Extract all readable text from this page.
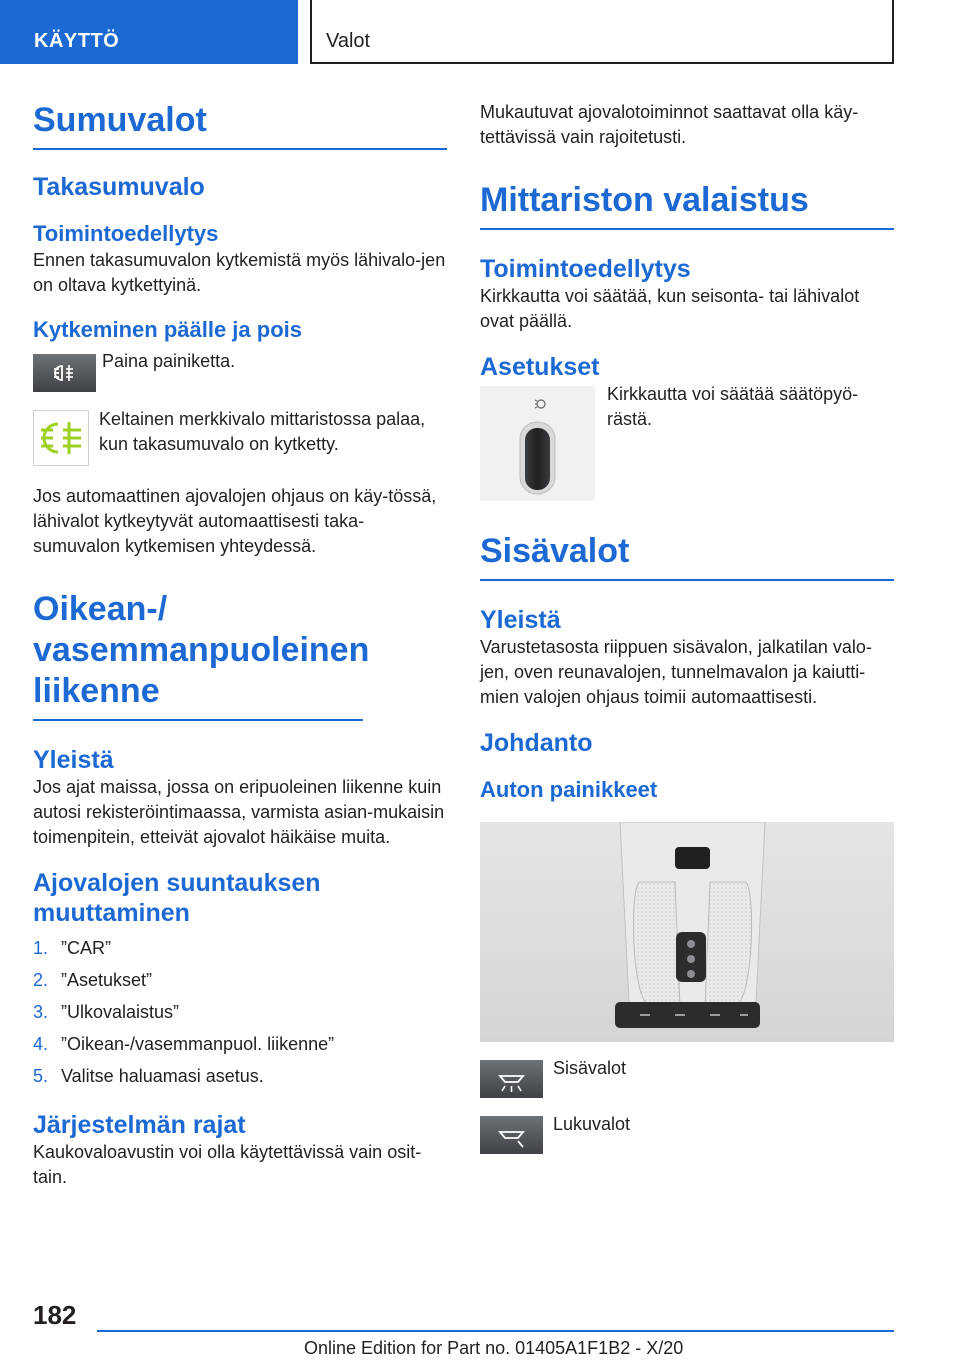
KÄYTTÖ	Valot
Sumuvalot
Takasumuvalo
Toimintoedellytys

Ennen takasumuvalon kytkemistä myös lähivalo-jen on oltava kytkettyinä.

Kytkeminen päälle ja pois

Paina painiketta.

Keltainen merkkivalo mittaristossa palaa, kun takasumuvalo on kytketty.

Jos automaattinen ajovalojen ohjaus on käy-tössä, lähivalot kytkeytyvät automaattisesti taka-sumuvalon kytkemisen yhteydessä.

Oikean-/ vasemmanpuoleinen liikenne
Yleistä

Jos ajat maissa, jossa on eripuoleinen liikenne kuin autosi rekisteröintimaassa, varmista asian-mukaisin toimenpitein, etteivät ajovalot häikäise muita.

Ajovalojen suuntauksen muuttaminen
1. ”CAR”
2. ”Asetukset”
3. ”Ulkovalaistus”
4. ”Oikean-/vasemmanpuol. liikenne”
5. Valitse haluamasi asetus.
Järjestelmän rajat

Kaukovaloavustin voi olla käytettävissä vain osit-tain.

Mukautuvat ajovalotoiminnot saattavat olla käy-tettävissä vain rajoitetusti.

Mittariston valaistus
Toimintoedellytys

Kirkkautta voi säätää, kun seisonta- tai lähivalot ovat päällä.

Asetukset

Kirkkautta voi säätää säätöpyö-rästä.

Sisävalot
Yleistä

Varustetasosta riippuen sisävalon, jalkatilan valo-jen, oven reunavalojen, tunnelmavalon ja kaiutti-mien valojen ohjaus toimii automaattisesti.

Johdanto
Auton painikkeet

Sisävalot

Lukuvalot

182
Online Edition for Part no. 01405A1F1B2 - X/20
